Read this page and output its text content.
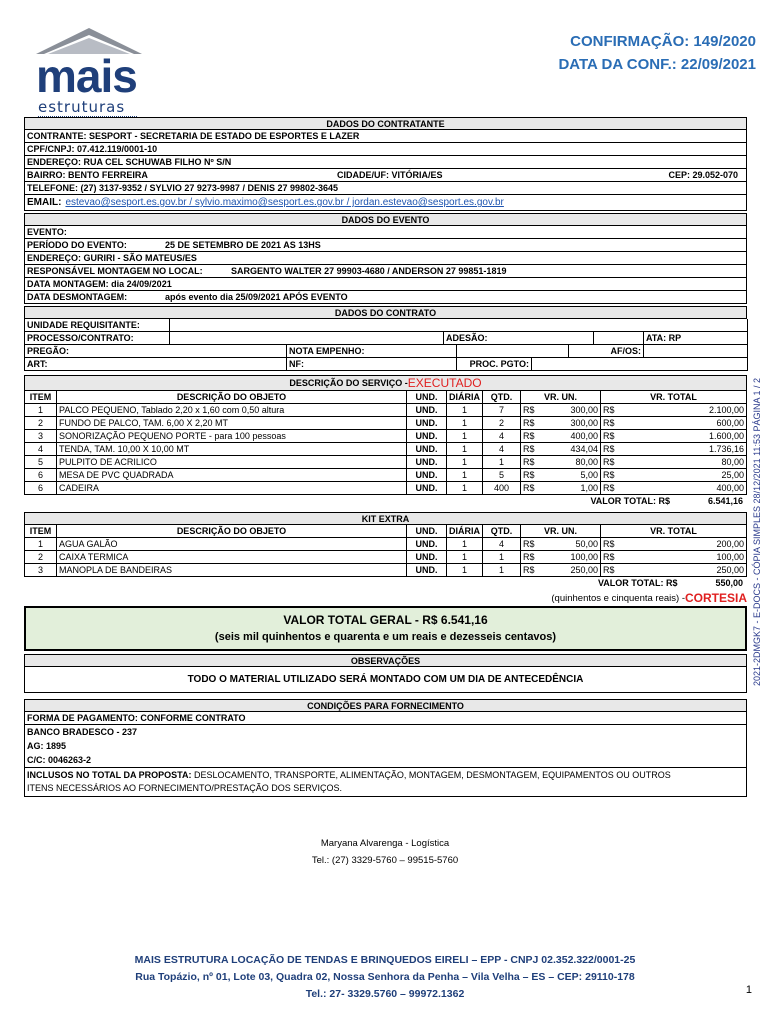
mais
estruturas
CONFIRMAÇÃO: 149/2020
DATA DA CONF.: 22/09/2021
DADOS DO CONTRATANTE
CONTRANTE: SESPORT - SECRETARIA DE ESTADO DE ESPORTES E LAZER
CPF/CNPJ: 07.412.119/0001-10
ENDEREÇO: RUA CEL SCHUWAB FILHO Nº S/N
BAIRRO: BENTO FERREIRA	CIDADE/UF: VITÓRIA/ES	CEP: 29.052-070
TELEFONE: (27) 3137-9352 / SYLVIO 27 9273-9987 / DENIS 27 99802-3645
EMAIL: estevao@sesport.es.gov.br / sylvio.maximo@sesport.es.gov.br / jordan.estevao@sesport.es.gov.br
DADOS DO EVENTO
EVENTO:
PERÍODO DO EVENTO:	25 DE SETEMBRO DE 2021 AS 13HS
ENDEREÇO: GURIRI - SÃO MATEUS/ES
RESPONSÁVEL MONTAGEM NO LOCAL:	SARGENTO WALTER 27 99903-4680 / ANDERSON 27 99851-1819
DATA MONTAGEM: dia 24/09/2021
DATA DESMONTAGEM:	após evento dia 25/09/2021 APÓS EVENTO
DADOS DO CONTRATO
UNIDADE REQUISITANTE:
PROCESSO/CONTRATO:	ADESÃO:	ATA: RP
PREGÃO:	NOTA EMPENHO:	AF/OS:
ART:	NF:	PROC. PGTO:
DESCRIÇÃO DO SERVIÇO - EXECUTADO
ITEM	DESCRIÇÃO DO OBJETO	UND.	DIÁRIA	QTD.	VR. UN.	VR. TOTAL
1	PALCO PEQUENO, Tablado 2,20 x 1,60 com 0,50 altura	UND.	1	7	R$	300,00 R$	2.100,00
2	FUNDO DE PALCO, TAM. 6,00 X 2,20 MT	UND.	1	2	R$	300,00 R$	600,00
3	SONORIZAÇÃO PEQUENO PORTE - para 100 pessoas	UND.	1	4	R$	400,00 R$	1.600,00
4	TENDA, TAM. 10,00 X 10,00 MT	UND.	1	4	R$	434,04 R$	1.736,16
5	PULPITO DE ACRILICO	UND.	1	1	R$	80,00 R$	80,00
6	MESA DE PVC QUADRADA	UND.	1	5	R$	5,00 R$	25,00
6	CADEIRA	UND.	1	400	R$	1,00 R$	400,00
VALOR TOTAL: R$	6.541,16
KIT EXTRA
ITEM	DESCRIÇÃO DO OBJETO	UND.	DIÁRIA	QTD.	VR. UN.	VR. TOTAL
1	AGUA GALÃO	UND.	1	4	R$	50,00 R$	200,00
2	CAIXA TERMICA	UND.	1	1	R$	100,00 R$	100,00
3	MANOPLA DE BANDEIRAS	UND.	1	1	R$	250,00 R$	250,00
VALOR TOTAL: R$	550,00
(quinhentos e cinquenta reais) - CORTESIA
VALOR TOTAL GERAL - R$ 6.541,16
(seis mil quinhentos e quarenta e um reais e dezesseis centavos)
OBSERVAÇÕES
TODO O MATERIAL UTILIZADO SERÁ MONTADO COM UM DIA DE ANTECEDÊNCIA
CONDIÇÕES PARA FORNECIMENTO
FORMA DE PAGAMENTO: CONFORME CONTRATO
BANCO BRADESCO - 237
AG: 1895
C/C: 0046263-2
INCLUSOS NO TOTAL DA PROPOSTA: DESLOCAMENTO, TRANSPORTE, ALIMENTAÇÃO, MONTAGEM, DESMONTAGEM, EQUIPAMENTOS OU OUTROS
ITENS NECESSÁRIOS AO FORNECIMENTO/PRESTAÇÃO DOS SERVIÇOS.
2021-2DMGK7 - E-DOCS - CÓPIA SIMPLES 28/12/2021 11:53 PÁGINA 1 / 2
Maryana Alvarenga - Logística
Tel.: (27) 3329-5760 – 99515-5760
MAIS ESTRUTURA LOCAÇÃO DE TENDAS E BRINQUEDOS EIRELI – EPP - CNPJ 02.352.322/0001-25
Rua Topázio, nº 01, Lote 03, Quadra 02, Nossa Senhora da Penha – Vila Velha – ES – CEP: 29110-178
Tel.: 27- 3329.5760 – 99972.1362	1
